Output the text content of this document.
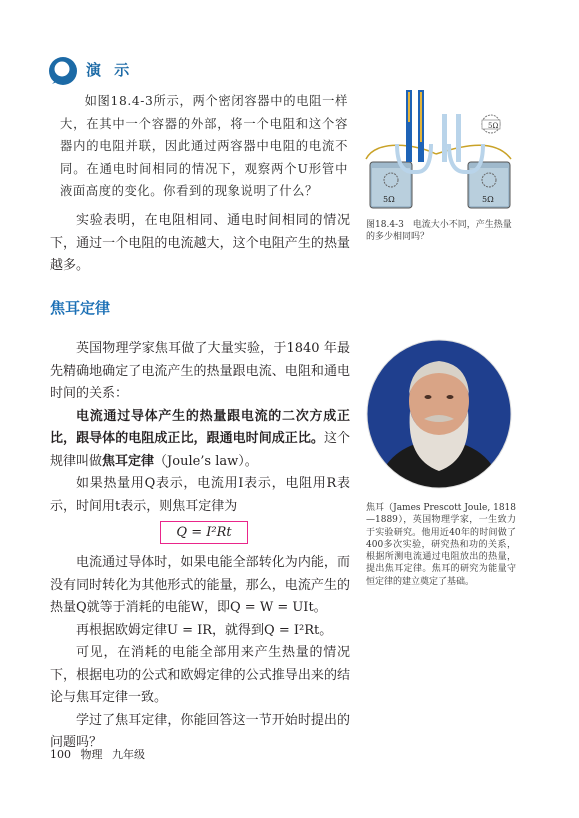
演 示

如图18.4-3所示，两个密闭容器中的电阻一样大，在其中一个容器的外部，将一个电阻和这个容器内的电阻并联，因此通过两容器中电阻的电流不同。在通电时间相同的情况下，观察两个U形管中液面高度的变化。你看到的现象说明了什么？

5Ω
5Ω	5Ω
图18.4-3　电流大小不同，产生热量的多少相同吗？

实验表明，在电阻相同、通电时间相同的情况下，通过一个电阻的电流越大，这个电阻产生的热量越多。

焦耳定律

英国物理学家焦耳做了大量实验，于1840 年最先精确地确定了电流产生的热量跟电流、电阻和通电时间的关系：

电流通过导体产生的热量跟电流的二次方成正比，跟导体的电阻成正比，跟通电时间成正比。这个规律叫做焦耳定律（Joule’s law）。

如果热量用Q表示，电流用I表示，电阻用R表示，时间用t表示，则焦耳定律为

Q = I²Rt

电流通过导体时，如果电能全部转化为内能，而没有同时转化为其他形式的能量，那么，电流产生的热量Q就等于消耗的电能W，即Q = W = UIt。

再根据欧姆定律U = IR，就得到Q = I²Rt。

可见，在消耗的电能全部用来产生热量的情况下，根据电功的公式和欧姆定律的公式推导出来的结论与焦耳定律一致。

学过了焦耳定律，你能回答这一节开始时提出的问题吗？

焦耳（James Prescott Joule, 1818—1889），英国物理学家，一生致力于实验研究。他用近40年的时间做了400多次实验，研究热和功的关系，根据所测电流通过电阻放出的热量，提出焦耳定律。焦耳的研究为能量守恒定律的建立奠定了基础。
100 物理 九年级
